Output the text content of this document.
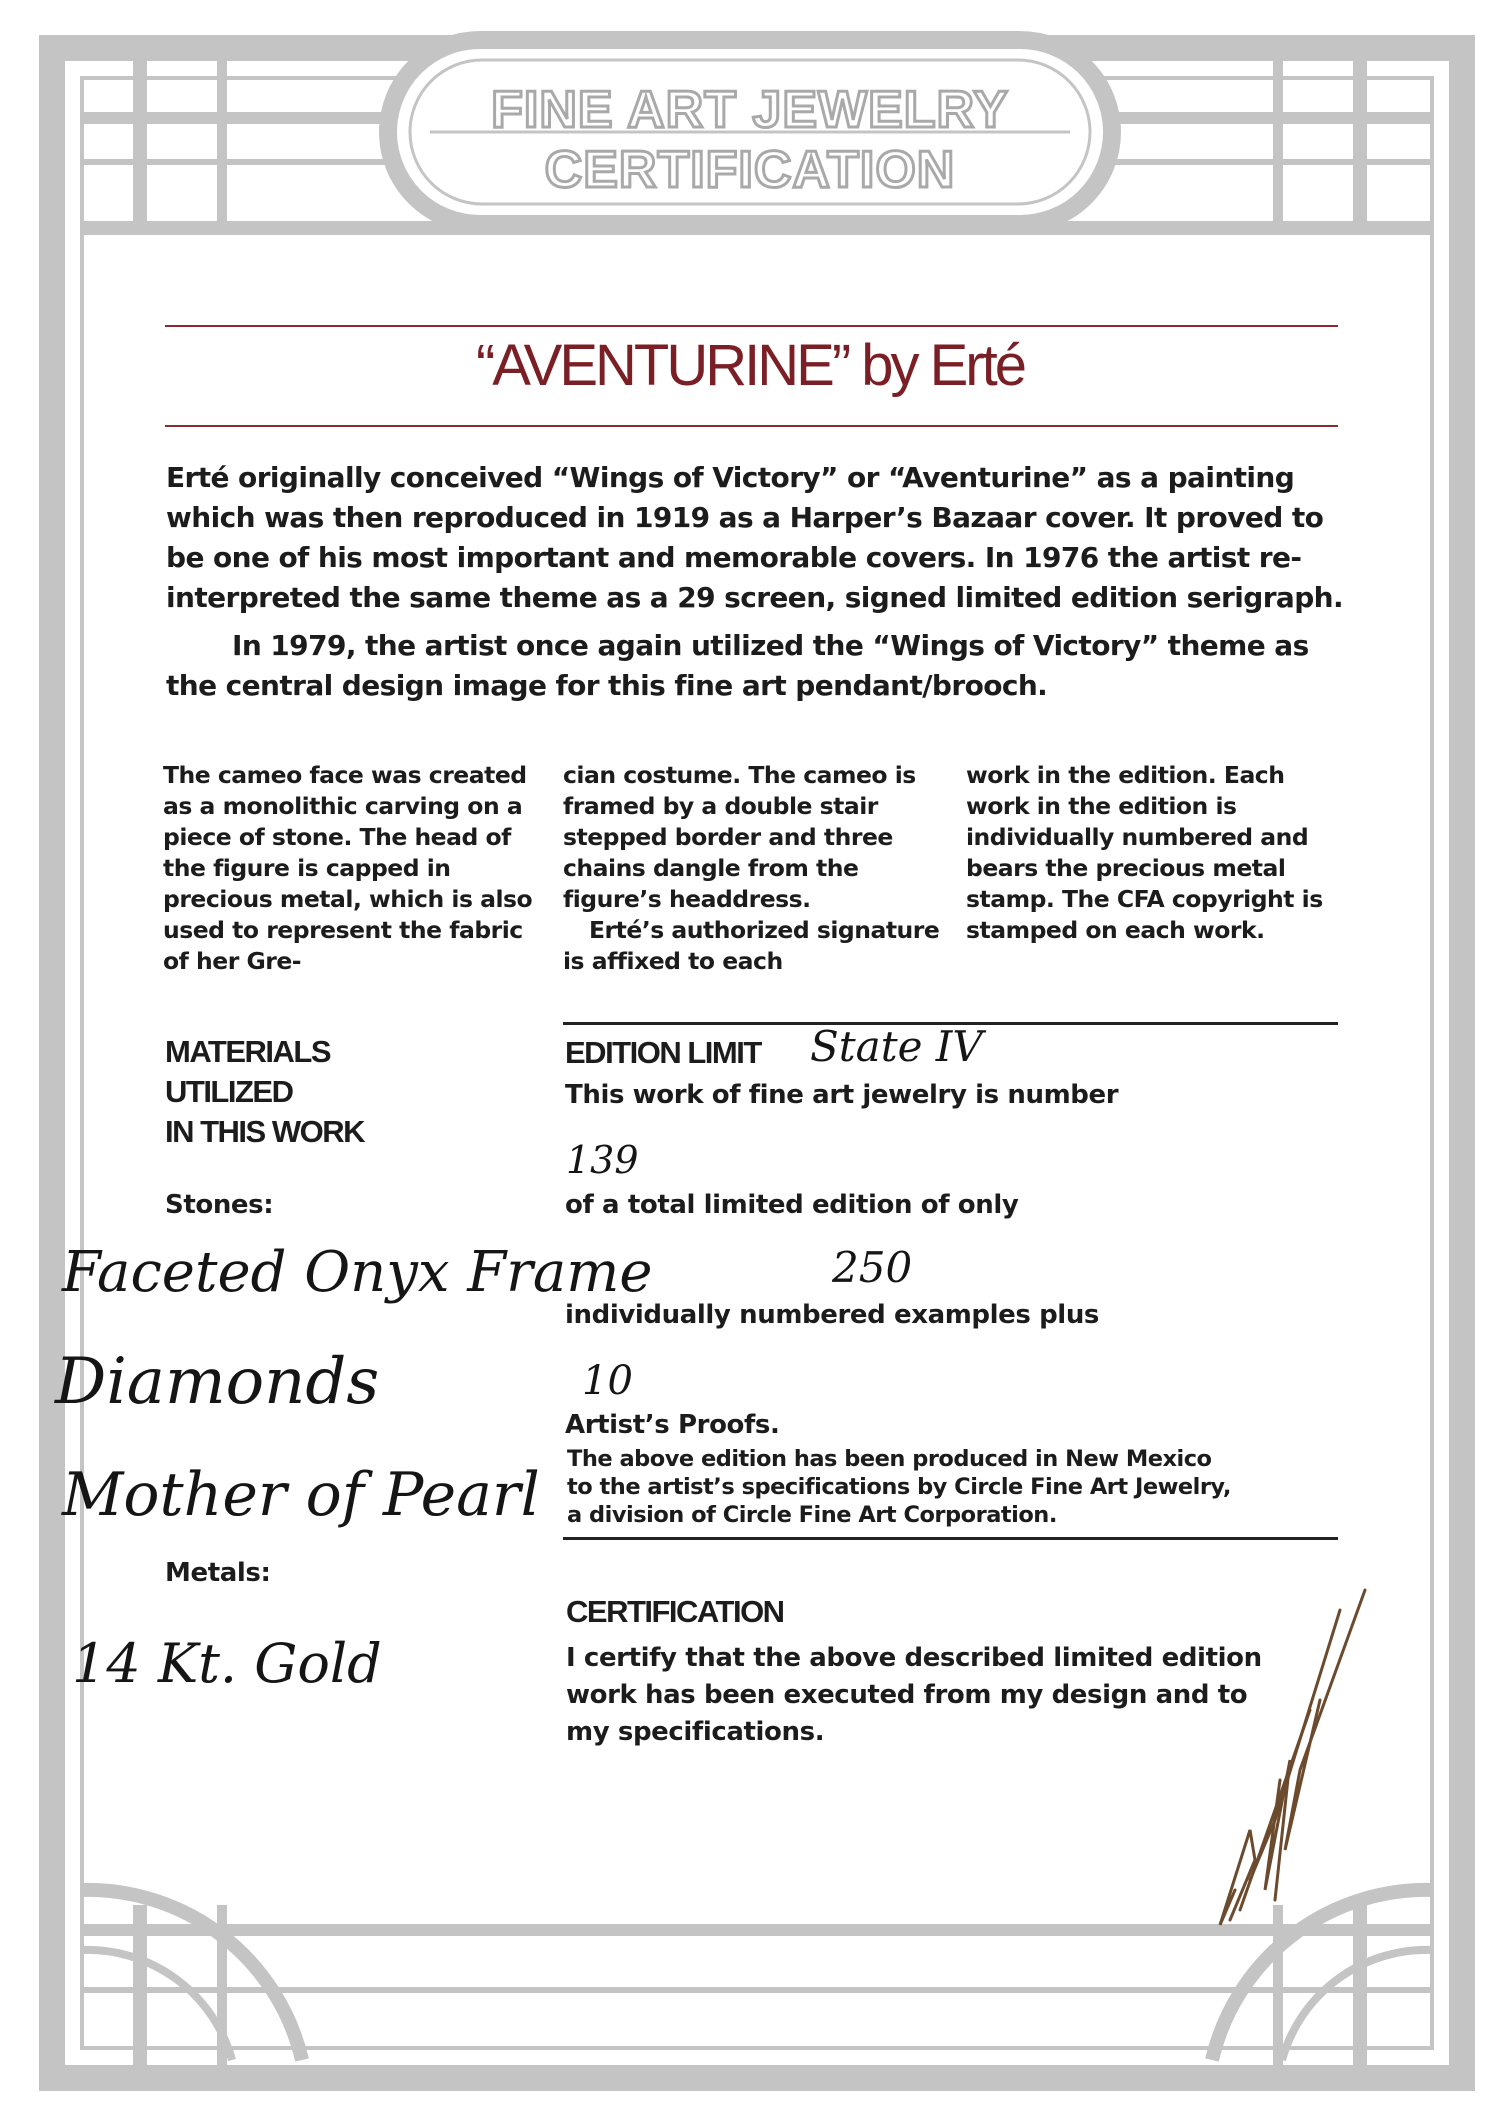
FINE ART JEWELRY
CERTIFICATION
“AVENTURINE” by Erté

Erté originally conceived “Wings of Victory” or “Aventurine” as a painting which was then reproduced in 1919 as a Harper’s Bazaar cover. It proved to be one of his most important and memorable covers. In 1976 the artist re-interpreted the same theme as a 29 screen, signed limited edition serigraph.

In 1979, the artist once again utilized the “Wings of Victory” theme as the central design image for this fine art pendant/brooch.

The cameo face was created as a monolithic carving on a piece of stone. The head of the figure is capped in precious metal, which is also used to represent the fabric of her Gre-
cian costume. The cameo is framed by a double stair stepped border and three chains dangle from the figure’s headdress.
Erté’s authorized signature is affixed to each
work in the edition. Each work in the edition is individually numbered and bears the precious metal stamp. The CFA copyright is stamped on each work.
MATERIALS
UTILIZED
IN THIS WORK
Stones:
Faceted Onyx Frame
Diamonds
Mother of Pearl
Metals:
14 Kt. Gold
EDITION LIMIT State IV
This work of fine art jewelry is number
139
of a total limited edition of only
250
individually numbered examples plus
10
Artist’s Proofs.
The above edition has been produced in New Mexico to the artist’s specifications by Circle Fine Art Jewelry, a division of Circle Fine Art Corporation.
CERTIFICATION
I certify that the above described limited edition work has been executed from my design and to my specifications.
